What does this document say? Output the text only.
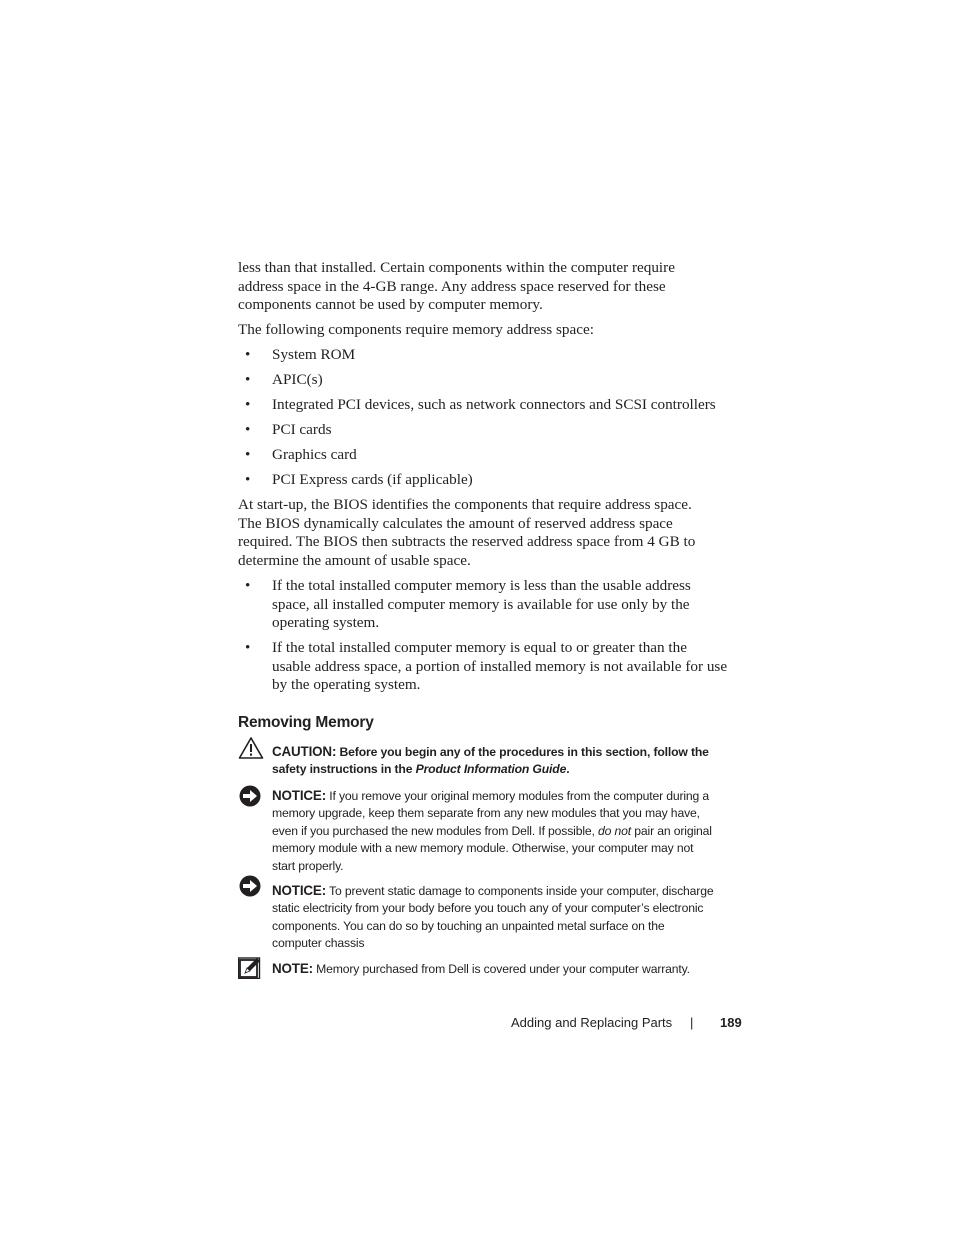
less than that installed. Certain components within the computer require
address space in the 4-GB range. Any address space reserved for these
components cannot be used by computer memory.
The following components require memory address space:
• System ROM
• APIC(s)
• Integrated PCI devices, such as network connectors and SCSI controllers
• PCI cards
• Graphics card
• PCI Express cards (if applicable)
At start-up, the BIOS identifies the components that require address space.
The BIOS dynamically calculates the amount of reserved address space
required. The BIOS then subtracts the reserved address space from 4 GB to
determine the amount of usable space.
• If the total installed computer memory is less than the usable address
space, all installed computer memory is available for use only by the
operating system.
• If the total installed computer memory is equal to or greater than the
usable address space, a portion of installed memory is not available for use
by the operating system.
Removing Memory
CAUTION: Before you begin any of the procedures in this section, follow the
safety instructions in the Product Information Guide.
NOTICE: If you remove your original memory modules from the computer during a
memory upgrade, keep them separate from any new modules that you may have,
even if you purchased the new modules from Dell. If possible, do not pair an original
memory module with a new memory module. Otherwise, your computer may not
start properly.
NOTICE: To prevent static damage to components inside your computer, discharge
static electricity from your body before you touch any of your computer’s electronic
components. You can do so by touching an unpainted metal surface on the
computer chassis
NOTE: Memory purchased from Dell is covered under your computer warranty.
Adding and Replacing Parts | 189
